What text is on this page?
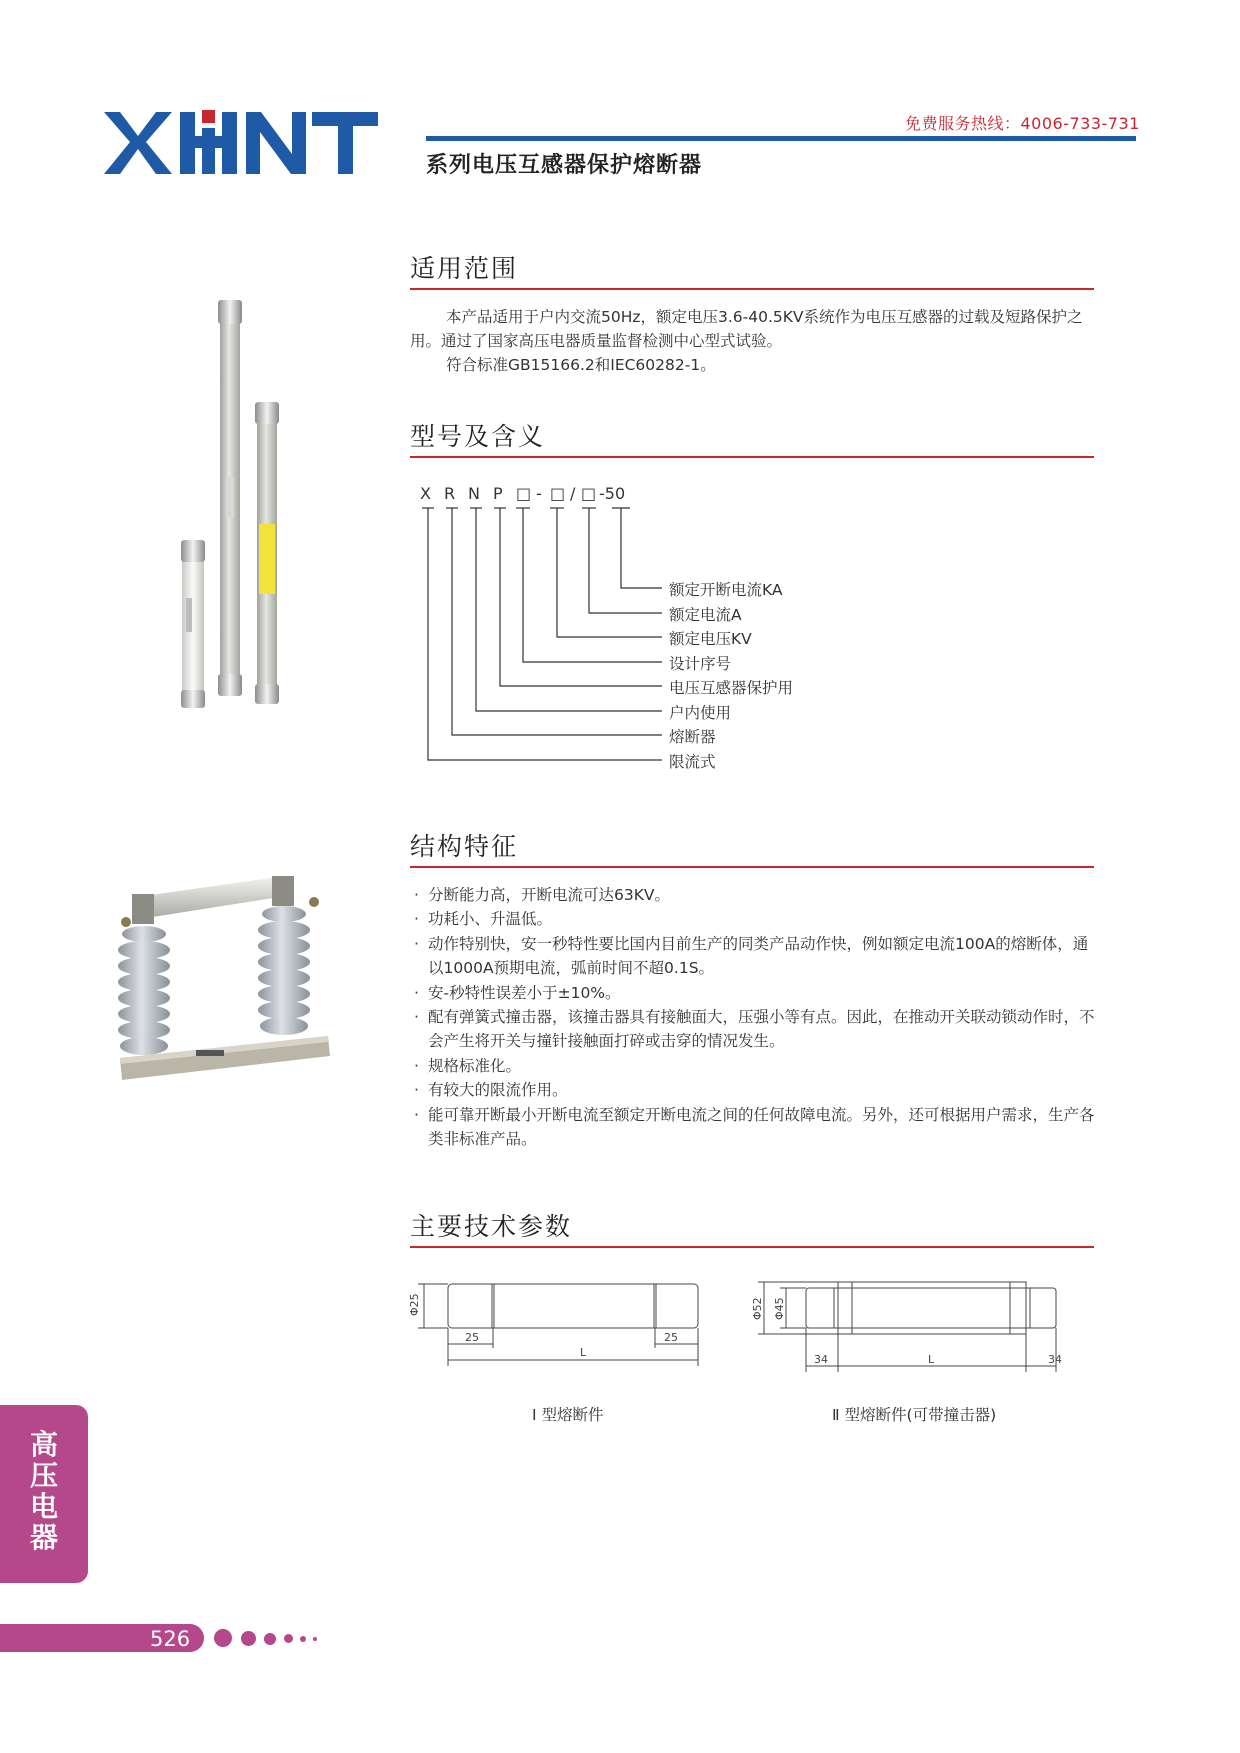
免费服务热线：4006-733-731
系列电压互感器保护熔断器
适用范围

本产品适用于户内交流50Hz，额定电压3.6-40.5KV系统作为电压互感器的过载及短路保护之用。通过了国家高压电器质量监督检测中心型式试验。

符合标准GB15166.2和IEC60282-1。

型号及含义
X R N P □ - □ / □ -50
额定开断电流KA
额定电流A
额定电压KV
设计序号
电压互感器保护用
户内使用
熔断器
限流式
结构特征
· 分断能力高，开断电流可达63KV。
· 功耗小、升温低。
· 动作特别快，安一秒特性要比国内目前生产的同类产品动作快，例如额定电流100A的熔断体，通以1000A预期电流，弧前时间不超0.1S。
· 安-秒特性误差小于±10%。
· 配有弹簧式撞击器，该撞击器具有接触面大，压强小等有点。因此，在推动开关联动锁动作时，不会产生将开关与撞针接触面打碎或击穿的情况发生。
· 规格标准化。
· 有较大的限流作用。
· 能可靠开断最小开断电流至额定开断电流之间的任何故障电流。另外，还可根据用户需求，生产各类非标准产品。
主要技术参数
Φ25
25	25
L
Ⅰ 型熔断件
Φ52 Φ45
34	L	34
Ⅱ 型熔断件(可带撞击器)
高
压
电
器
526
